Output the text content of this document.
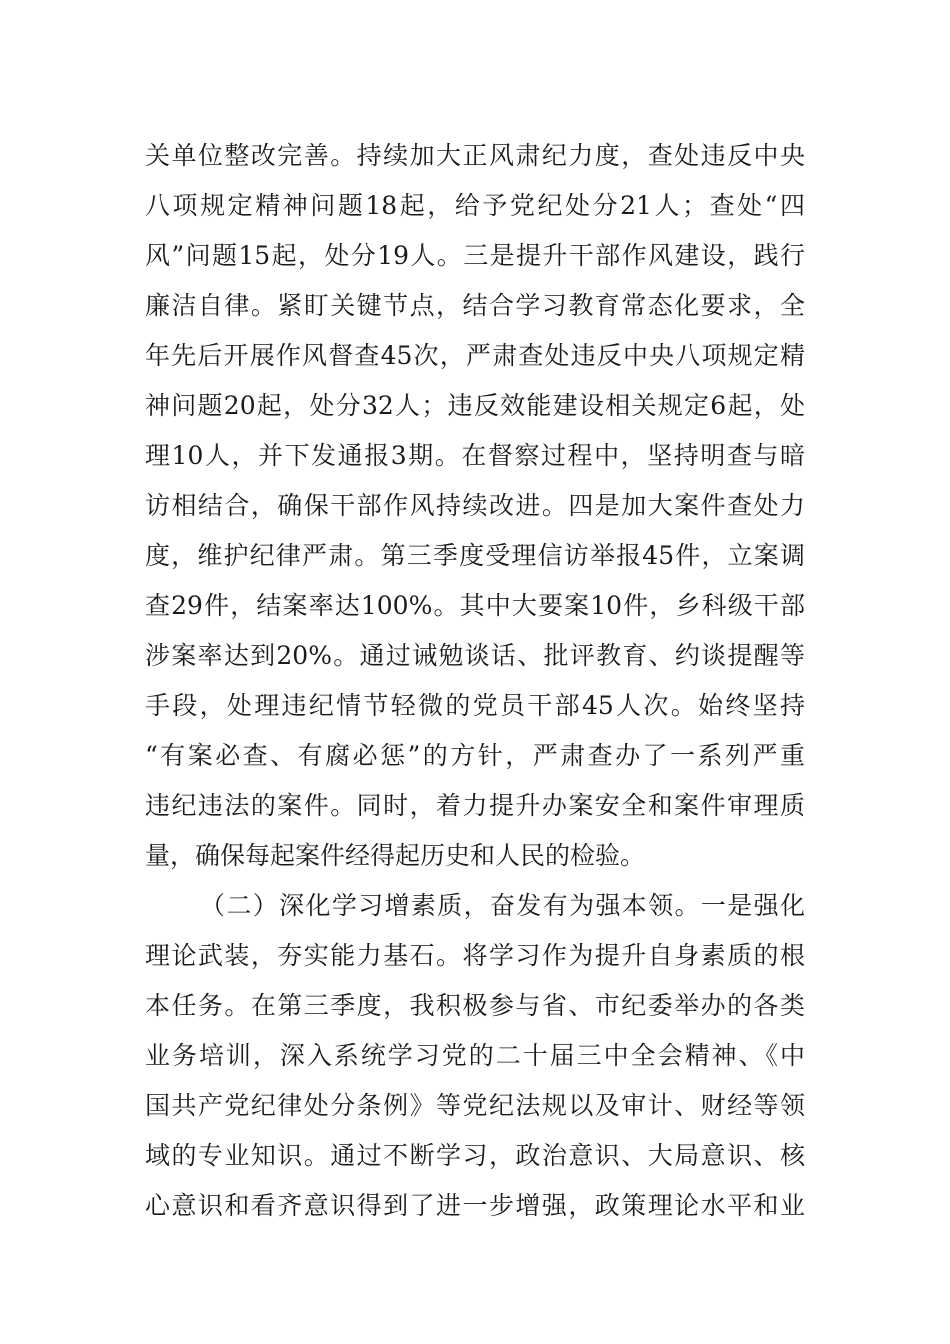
关单位整改完善。持续加大正风肃纪力度，查处违反中央
八项规定精神问题18起，给予党纪处分21人；查处“四
风”问题15起，处分19人。三是提升干部作风建设，践行
廉洁自律。紧盯关键节点，结合学习教育常态化要求，全
年先后开展作风督查45次，严肃查处违反中央八项规定精
神问题20起，处分32人；违反效能建设相关规定6起，处
理10人，并下发通报3期。在督察过程中，坚持明查与暗
访相结合，确保干部作风持续改进。四是加大案件查处力
度，维护纪律严肃。第三季度受理信访举报45件，立案调
查29件，结案率达100%。其中大要案10件，乡科级干部
涉案率达到20%。通过诫勉谈话、批评教育、约谈提醒等
手段，处理违纪情节轻微的党员干部45人次。始终坚持
“有案必查、有腐必惩”的方针，严肃查办了一系列严重
违纪违法的案件。同时，着力提升办案安全和案件审理质
量，确保每起案件经得起历史和人民的检验。
（二）深化学习增素质，奋发有为强本领。一是强化
理论武装，夯实能力基石。将学习作为提升自身素质的根
本任务。在第三季度，我积极参与省、市纪委举办的各类
业务培训，深入系统学习党的二十届三中全会精神、《中
国共产党纪律处分条例》等党纪法规以及审计、财经等领
域的专业知识。通过不断学习，政治意识、大局意识、核
心意识和看齐意识得到了进一步增强，政策理论水平和业
